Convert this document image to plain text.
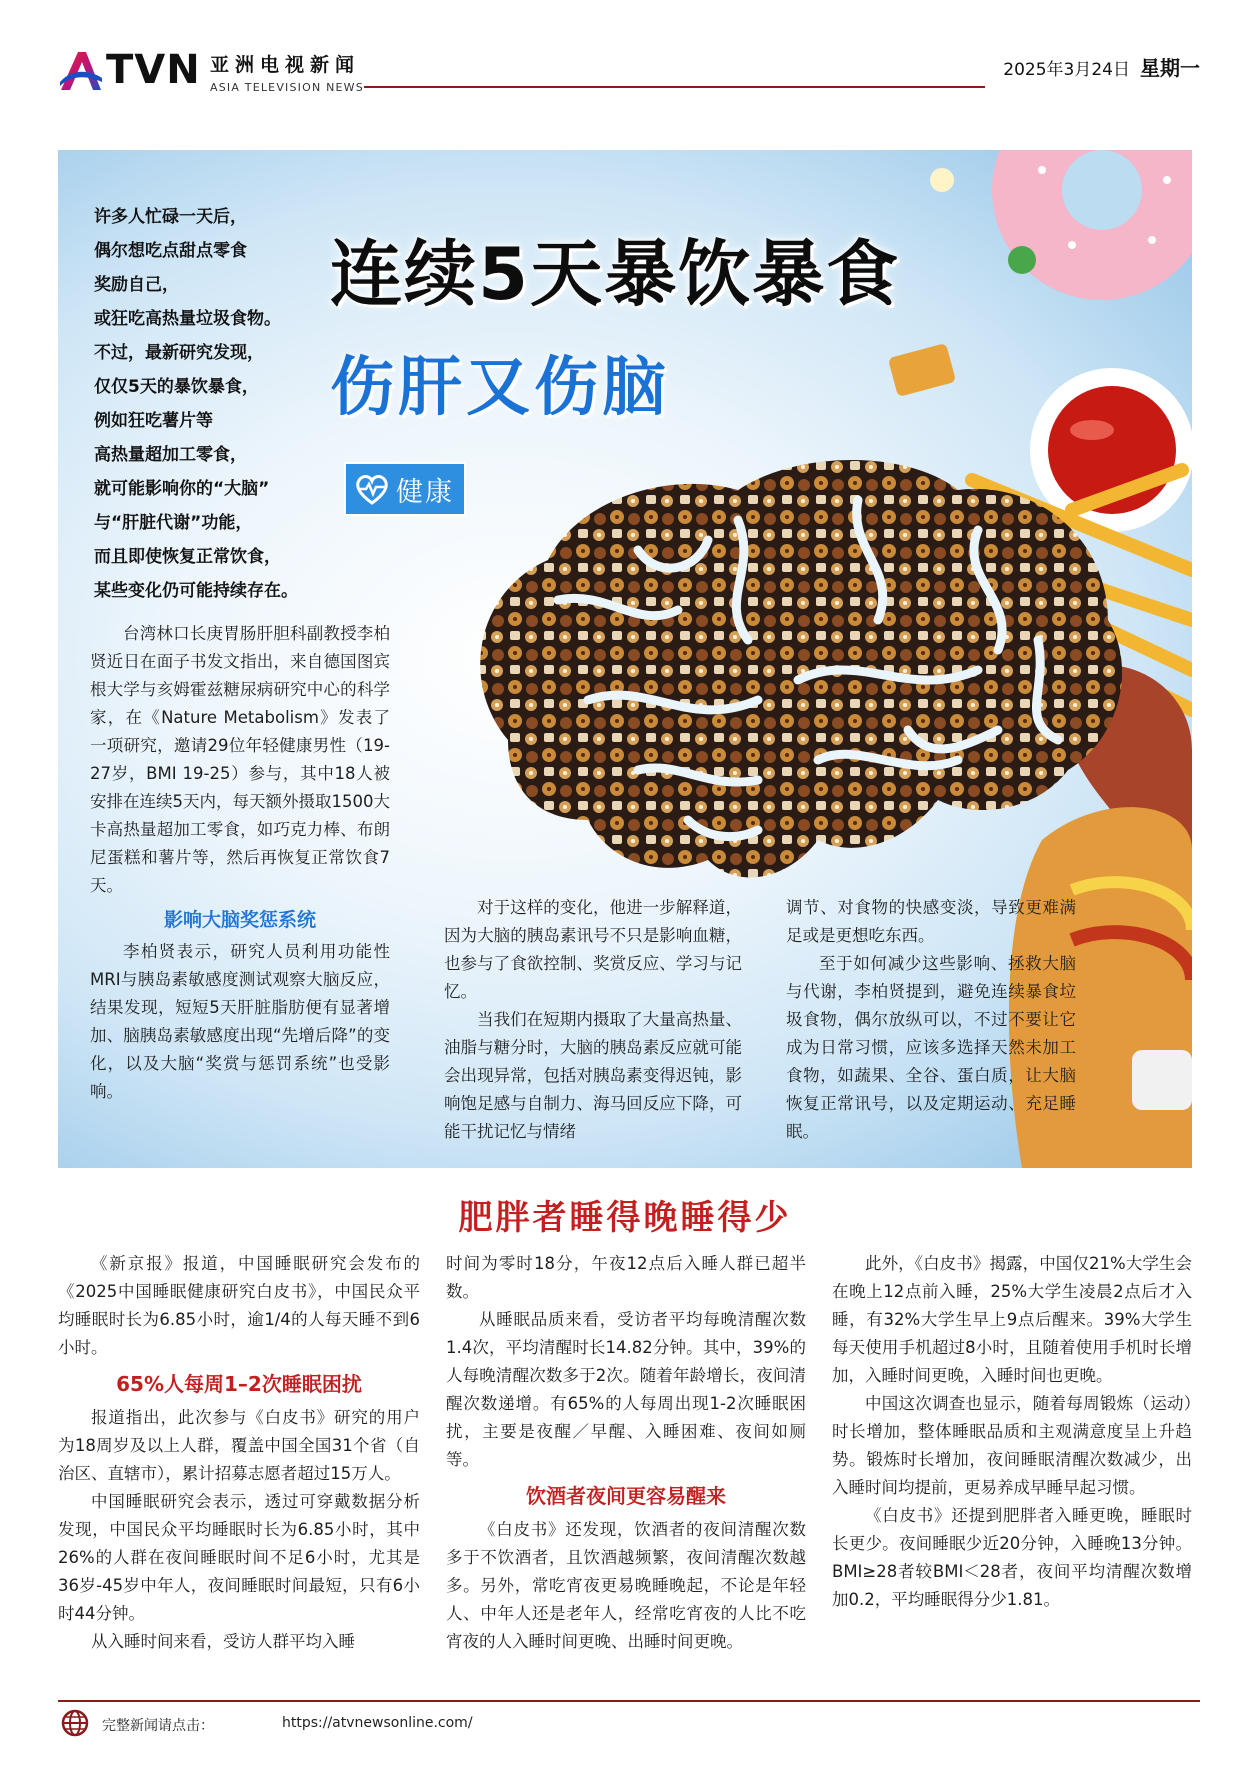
TVN 亚洲电视新闻
ASIA TELEVISION NEWS
2025年3月24日 星期一

许多人忙碌一天后，

偶尔想吃点甜点零食

奖励自己，

或狂吃高热量垃圾食物。

不过，最新研究发现，

仅仅5天的暴饮暴食，

例如狂吃薯片等

高热量超加工零食，

就可能影响你的“大脑”

与“肝脏代谢”功能，

而且即使恢复正常饮食，

某些变化仍可能持续存在。

连续5天暴饮暴食
伤肝又伤脑
健康

台湾林口长庚胃肠肝胆科副教授李柏贤近日在面子书发文指出，来自德国图宾根大学与亥姆霍兹糖尿病研究中心的科学家，在《Nature Metabolism》发表了一项研究，邀请29位年轻健康男性（19-27岁，BMI 19-25）参与，其中18人被安排在连续5天内，每天额外摄取1500大卡高热量超加工零食，如巧克力棒、布朗尼蛋糕和薯片等，然后再恢复正常饮食7天。

影响大脑奖惩系统

李柏贤表示，研究人员利用功能性MRI与胰岛素敏感度测试观察大脑反应，结果发现，短短5天肝脏脂肪便有显著增加、脑胰岛素敏感度出现“先增后降”的变化，以及大脑“奖赏与惩罚系统”也受影响。

对于这样的变化，他进一步解释道，因为大脑的胰岛素讯号不只是影响血糖，也参与了食欲控制、奖赏反应、学习与记忆。

当我们在短期内摄取了大量高热量、油脂与糖分时，大脑的胰岛素反应就可能会出现异常，包括对胰岛素变得迟钝，影响饱足感与自制力、海马回反应下降，可能干扰记忆与情绪

调节、对食物的快感变淡，导致更难满足或是更想吃东西。

至于如何减少这些影响、拯救大脑与代谢，李柏贤提到，避免连续暴食垃圾食物，偶尔放纵可以，不过不要让它成为日常习惯，应该多选择天然未加工食物，如蔬果、全谷、蛋白质，让大脑恢复正常讯号，以及定期运动、充足睡眠。

肥胖者睡得晚睡得少

《新京报》报道，中国睡眠研究会发布的《2025中国睡眠健康研究白皮书》，中国民众平均睡眠时长为6.85小时，逾1/4的人每天睡不到6小时。

65%人每周1–2次睡眠困扰

报道指出，此次参与《白皮书》研究的用户为18周岁及以上人群，覆盖中国全国31个省（自治区、直辖市），累计招募志愿者超过15万人。

中国睡眠研究会表示，透过可穿戴数据分析发现，中国民众平均睡眠时长为6.85小时，其中26%的人群在夜间睡眠时间不足6小时，尤其是36岁-45岁中年人，夜间睡眠时间最短，只有6小时44分钟。

从入睡时间来看，受访人群平均入睡

时间为零时18分，午夜12点后入睡人群已超半数。

从睡眠品质来看，受访者平均每晚清醒次数1.4次，平均清醒时长14.82分钟。其中，39%的人每晚清醒次数多于2次。随着年龄增长，夜间清醒次数递增。有65%的人每周出现1-2次睡眠困扰，主要是夜醒／早醒、入睡困难、夜间如厕等。

饮酒者夜间更容易醒来

《白皮书》还发现，饮酒者的夜间清醒次数多于不饮酒者，且饮酒越频繁，夜间清醒次数越多。另外，常吃宵夜更易晚睡晚起，不论是年轻人、中年人还是老年人，经常吃宵夜的人比不吃宵夜的人入睡时间更晚、出睡时间更晚。

此外，《白皮书》揭露，中国仅21%大学生会在晚上12点前入睡，25%大学生凌晨2点后才入睡，有32%大学生早上9点后醒来。39%大学生每天使用手机超过8小时，且随着使用手机时长增加，入睡时间更晚，入睡时间也更晚。

中国这次调查也显示，随着每周锻炼（运动）时长增加，整体睡眠品质和主观满意度呈上升趋势。锻炼时长增加，夜间睡眠清醒次数减少，出入睡时间均提前，更易养成早睡早起习惯。

《白皮书》还提到肥胖者入睡更晚，睡眠时长更少。夜间睡眠少近20分钟，入睡晚13分钟。BMI≥28者较BMI＜28者，夜间平均清醒次数增加0.2，平均睡眠得分少1.81。

完整新闻请点击：	https://atvnewsonline.com/
